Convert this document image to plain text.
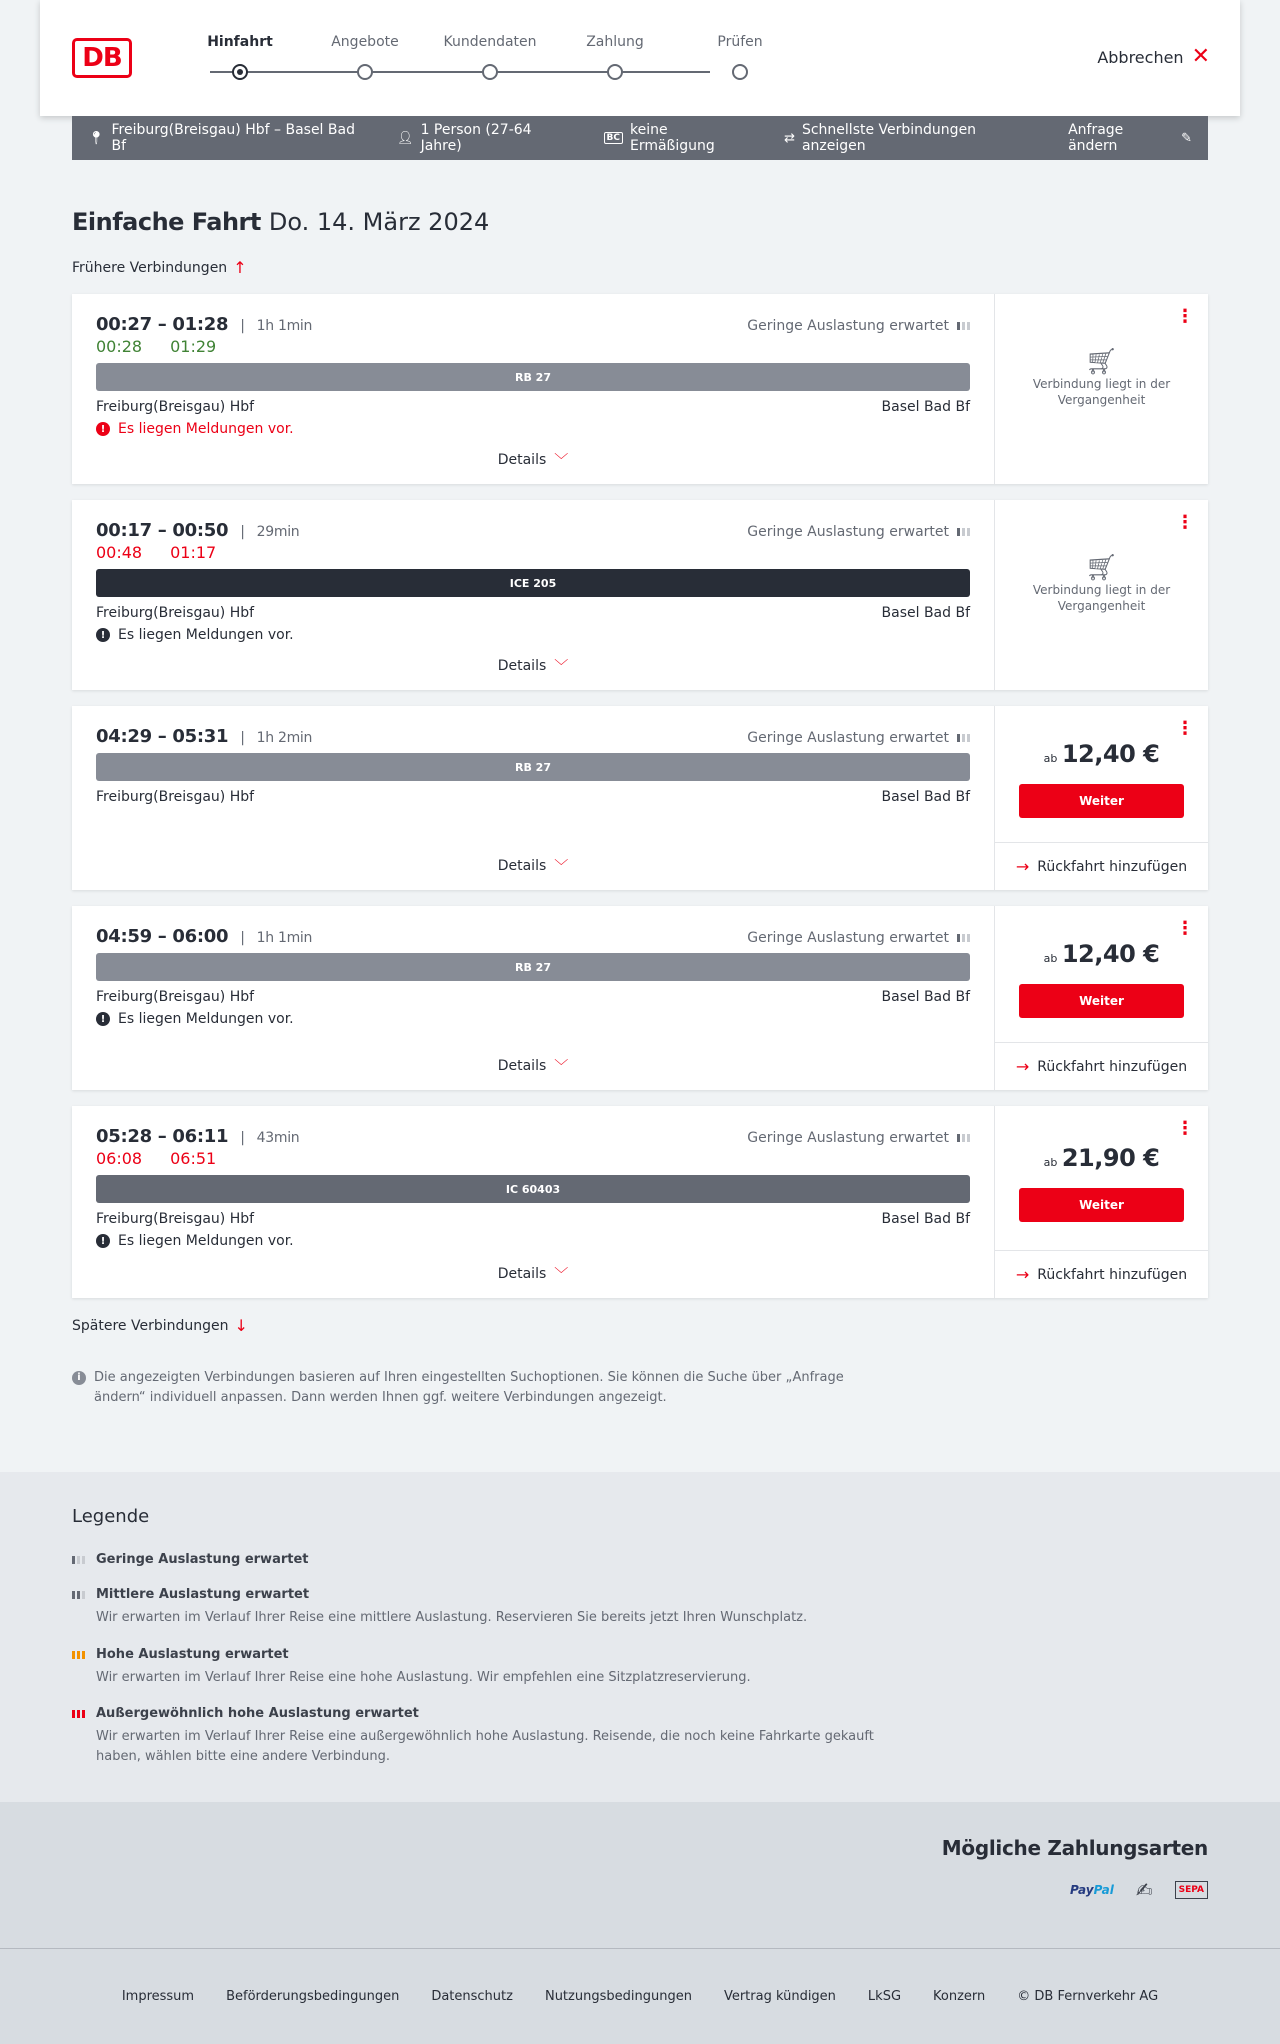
DB
Hinfahrt	Angebote	Kundendaten	Zahlung	Prüfen
Abbrechen ✕
📍︎ Freiburg(Breisgau) Hbf – Basel Bad Bf	👤︎ 1 Person (27-64 Jahre)	BC keine Ermäßigung	⇄ Schnellste Verbindungen anzeigen
Anfrage ändern	✎
Einfache Fahrt Do. 14. März 2024
Frühere Verbindungen ↑
00:27 – 01:28 | 1h 1min
00:28 01:29
Geringe Auslastung erwartet
RB 27
Freiburg(Breisgau) Hbf	Basel Bad Bf
! Es liegen Meldungen vor.
Details ﹀
⋮
🛒︎
Verbindung liegt in der Vergangenheit
00:17 – 00:50 | 29min
00:48 01:17
Geringe Auslastung erwartet
ICE 205
Freiburg(Breisgau) Hbf	Basel Bad Bf
! Es liegen Meldungen vor.
Details ﹀
⋮
🛒︎
Verbindung liegt in der Vergangenheit
04:29 – 05:31 | 1h 2min	Geringe Auslastung erwartet
RB 27
Freiburg(Breisgau) Hbf	Basel Bad Bf
Details ﹀
⋮
ab 12,40 €
Weiter
→ Rückfahrt hinzufügen
04:59 – 06:00 | 1h 1min	Geringe Auslastung erwartet
RB 27
Freiburg(Breisgau) Hbf	Basel Bad Bf
! Es liegen Meldungen vor.
Details ﹀
⋮
ab 12,40 €
Weiter
→ Rückfahrt hinzufügen
05:28 – 06:11 | 43min
06:08 06:51
Geringe Auslastung erwartet
IC 60403
Freiburg(Breisgau) Hbf	Basel Bad Bf
! Es liegen Meldungen vor.
Details ﹀
⋮
ab 21,90 €
Weiter
→ Rückfahrt hinzufügen
Spätere Verbindungen ↓
i	Die angezeigten Verbindungen basieren auf Ihren eingestellten Suchoptionen. Sie können die Suche über „Anfrage ändern“ individuell anpassen. Dann werden Ihnen ggf. weitere Verbindungen angezeigt.
Legende
Geringe Auslastung erwartet
Mittlere Auslastung erwartet
Wir erwarten im Verlauf Ihrer Reise eine mittlere Auslastung. Reservieren Sie bereits jetzt Ihren Wunschplatz.
Hohe Auslastung erwartet
Wir erwarten im Verlauf Ihrer Reise eine hohe Auslastung. Wir empfehlen eine Sitzplatzreservierung.
Außergewöhnlich hohe Auslastung erwartet
Wir erwarten im Verlauf Ihrer Reise eine außergewöhnlich hohe Auslastung. Reisende, die noch keine Fahrkarte gekauft haben, wählen bitte eine andere Verbindung.
Mögliche Zahlungsarten
PayPal ✍︎	SEPA
Impressum Beförderungsbedingungen Datenschutz Nutzungsbedingungen Vertrag kündigen LkSG Konzern © DB Fernverkehr AG
